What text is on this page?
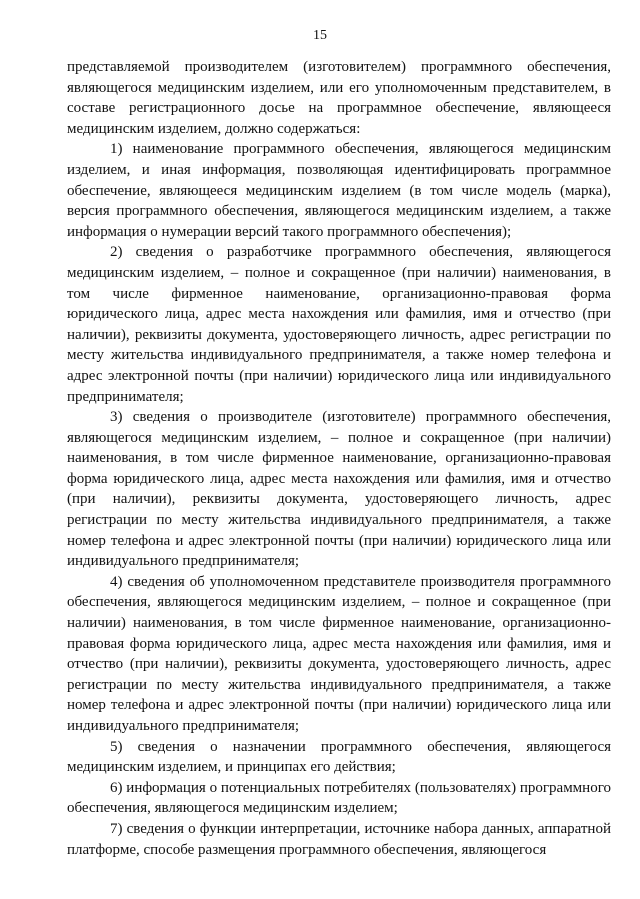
15

представляемой производителем (изготовителем) программного обеспечения, являющегося медицинским изделием, или его уполномоченным представителем, в составе регистрационного досье на программное обеспечение, являющееся медицинским изделием, должно содержаться:

1) наименование программного обеспечения, являющегося медицинским изделием, и иная информация, позволяющая идентифицировать программное обеспечение, являющееся медицинским изделием (в том числе модель (марка), версия программного обеспечения, являющегося медицинским изделием, а также информация о нумерации версий такого программного обеспечения);

2) сведения о разработчике программного обеспечения, являющегося медицинским изделием, – полное и сокращенное (при наличии) наименования, в том числе фирменное наименование, организационно-правовая форма юридического лица, адрес места нахождения или фамилия, имя и отчество (при наличии), реквизиты документа, удостоверяющего личность, адрес регистрации по месту жительства индивидуального предпринимателя, а также номер телефона и адрес электронной почты (при наличии) юридического лица или индивидуального предпринимателя;

3) сведения о производителе (изготовителе) программного обеспечения, являющегося медицинским изделием, – полное и сокращенное (при наличии) наименования, в том числе фирменное наименование, организационно-правовая форма юридического лица, адрес места нахождения или фамилия, имя и отчество (при наличии), реквизиты документа, удостоверяющего личность, адрес регистрации по месту жительства индивидуального предпринимателя, а также номер телефона и адрес электронной почты (при наличии) юридического лица или индивидуального предпринимателя;

4) сведения об уполномоченном представителе производителя программного обеспечения, являющегося медицинским изделием, – полное и сокращенное (при наличии) наименования, в том числе фирменное наименование, организационно-правовая форма юридического лица, адрес места нахождения или фамилия, имя и отчество (при наличии), реквизиты документа, удостоверяющего личность, адрес регистрации по месту жительства индивидуального предпринимателя, а также номер телефона и адрес электронной почты (при наличии) юридического лица или индивидуального предпринимателя;

5) сведения о назначении программного обеспечения, являющегося медицинским изделием, и принципах его действия;

6) информация о потенциальных потребителях (пользователях) программного обеспечения, являющегося медицинским изделием;

7) сведения о функции интерпретации, источнике набора данных, аппаратной платформе, способе размещения программного обеспечения, являющегося
